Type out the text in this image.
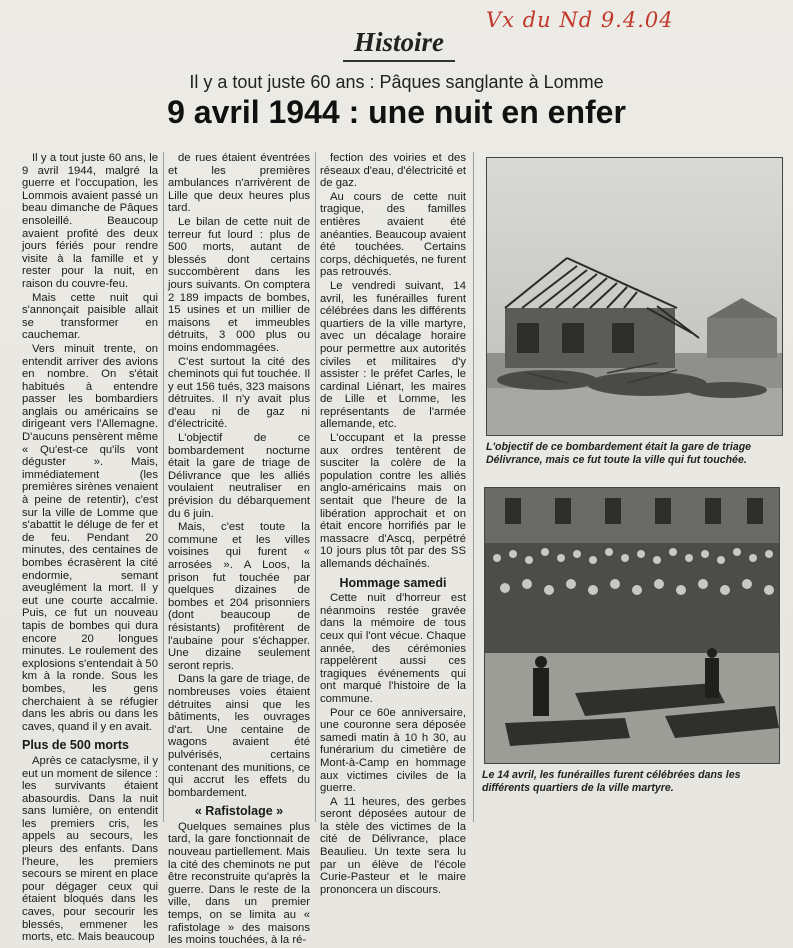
Histoire
Vx du Nd 9.4.04
Il y a tout juste 60 ans : Pâques sanglante à Lomme
9 avril 1944 : une nuit en enfer

Il y a tout juste 60 ans, le 9 avril 1944, malgré la guerre et l'occupation, les Lommois avaient passé un beau dimanche de Pâques ensoleillé. Beaucoup avaient profité des deux jours fériés pour rendre visite à la famille et y rester pour la nuit, en raison du couvre-feu.

Mais cette nuit qui s'annonçait paisible allait se transformer en cauchemar.

Vers minuit trente, on entendit arriver des avions en nombre. On s'était habitués à entendre passer les bombardiers anglais ou américains se dirigeant vers l'Allemagne. D'aucuns pensèrent même « Qu'est-ce qu'ils vont déguster ». Mais, immédiatement (les premières sirènes venaient à peine de retentir), c'est sur la ville de Lomme que s'abattit le déluge de fer et de feu. Pendant 20 minutes, des centaines de bombes écrasèrent la cité endormie, semant aveuglément la mort. Il y eut une courte accalmie. Puis, ce fut un nouveau tapis de bombes qui dura encore 20 longues minutes. Le roulement des explosions s'entendait à 50 km à la ronde. Sous les bombes, les gens cherchaient à se réfugier dans les abris ou dans les caves, quand il y en avait.

Plus de 500 morts

Après ce cataclysme, il y eut un moment de silence : les survivants étaient abasourdis. Dans la nuit sans lumière, on entendit les premiers cris, les appels au secours, les pleurs des enfants. Dans l'heure, les premiers secours se mirent en place pour dégager ceux qui étaient bloqués dans les caves, pour secourir les blessés, emmener les morts, etc. Mais beaucoup

de rues étaient éventrées et les premières ambulances n'arrivèrent de Lille que deux heures plus tard.

Le bilan de cette nuit de terreur fut lourd : plus de 500 morts, autant de blessés dont certains succombèrent dans les jours suivants. On comptera 2 189 impacts de bombes, 15 usines et un millier de maisons et immeubles détruits, 3 000 plus ou moins endommagées.

C'est surtout la cité des cheminots qui fut touchée. Il y eut 156 tués, 323 maisons détruites. Il n'y avait plus d'eau ni de gaz ni d'électricité.

L'objectif de ce bombardement nocturne était la gare de triage de Délivrance que les alliés voulaient neutraliser en prévision du débarquement du 6 juin.

Mais, c'est toute la commune et les villes voisines qui furent « arrosées ». A Loos, la prison fut touchée par quelques dizaines de bombes et 204 prisonniers (dont beaucoup de résistants) profitèrent de l'aubaine pour s'échapper. Une dizaine seulement seront repris.

Dans la gare de triage, de nombreuses voies étaient détruites ainsi que les bâtiments, les ouvrages d'art. Une centaine de wagons avaient été pulvérisés, certains contenant des munitions, ce qui accrut les effets du bombardement.

« Rafistolage »

Quelques semaines plus tard, la gare fonctionnait de nouveau partiellement. Mais la cité des cheminots ne put être reconstruite qu'après la guerre. Dans le reste de la ville, dans un premier temps, on se limita au « rafistolage » des maisons les moins touchées, à la ré-

fection des voiries et des réseaux d'eau, d'électricité et de gaz.

Au cours de cette nuit tragique, des familles entières avaient été anéanties. Beaucoup avaient été touchées. Certains corps, déchiquetés, ne furent pas retrouvés.

Le vendredi suivant, 14 avril, les funérailles furent célébrées dans les différents quartiers de la ville martyre, avec un décalage horaire pour permettre aux autorités civiles et militaires d'y assister : le préfet Carles, le cardinal Liénart, les maires de Lille et Lomme, les représentants de l'armée allemande, etc.

L'occupant et la presse aux ordres tentèrent de susciter la colère de la population contre les alliés anglo-américains mais on sentait que l'heure de la libération approchait et on était encore horrifiés par le massacre d'Ascq, perpétré 10 jours plus tôt par des SS allemands déchaînés.

Hommage samedi

Cette nuit d'horreur est néanmoins restée gravée dans la mémoire de tous ceux qui l'ont vécue. Chaque année, des cérémonies rappelèrent aussi ces tragiques événements qui ont marqué l'histoire de la commune.

Pour ce 60e anniversaire, une couronne sera déposée samedi matin à 10 h 30, au funérarium du cimetière de Mont-à-Camp en hommage aux victimes civiles de la guerre.

A 11 heures, des gerbes seront déposées autour de la stèle des victimes de la cité de Délivrance, place Beaulieu. Un texte sera lu par un élève de l'école Curie-Pasteur et le maire prononcera un discours.

L'objectif de ce bombardement était la gare de triage Délivrance, mais ce fut toute la ville qui fut touchée.
Le 14 avril, les funérailles furent célébrées dans les différents quartiers de la ville martyre.
